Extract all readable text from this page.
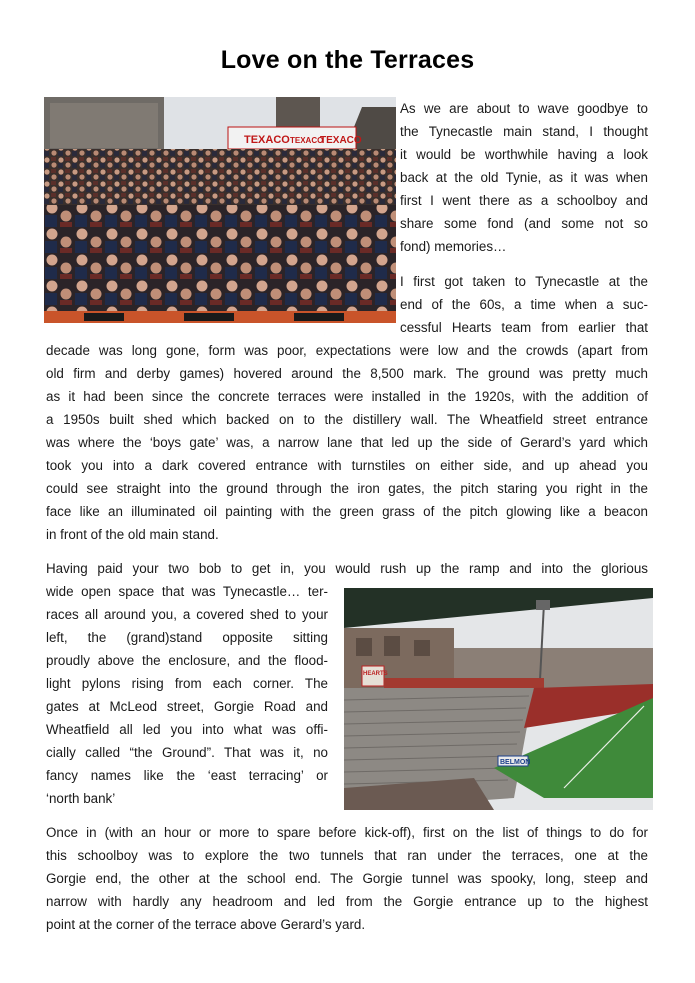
Love on the Terraces
TEXACO TEXACO
TEXACO
HEARTS
BELMON
As we are about to wave goodbye to
the Tynecastle main stand, I thought
it would be worthwhile having a look
back at the old Tynie, as it was when
first I went there as a schoolboy and
share some fond (and some not so
fond) memories…
I first got taken to Tynecastle at the
end of the 60s, a time when a suc-
cessful Hearts team from earlier that
decade was long gone, form was poor, expectations were low and the crowds (apart from
old firm and derby games) hovered around the 8,500 mark. The ground was pretty much
as it had been since the concrete terraces were installed in the 1920s, with the addition of
a 1950s built shed which backed on to the distillery wall. The Wheatfield street entrance
was where the ‘boys gate’ was, a narrow lane that led up the side of Gerard’s yard which
took you into a dark covered entrance with turnstiles on either side, and up ahead you
could see straight into the ground through the iron gates, the pitch staring you right in the
face like an illuminated oil painting with the green grass of the pitch glowing like a beacon
in front of the old main stand.
Having paid your two bob to get in, you would rush up the ramp and into the glorious
wide open space that was Tynecastle… ter-
races all around you, a covered shed to your
left, the (grand)stand opposite sitting
proudly above the enclosure, and the flood-
light pylons rising from each corner. The
gates at McLeod street, Gorgie Road and
Wheatfield all led you into what was offi-
cially called “the Ground”. That was it, no
fancy names like the ‘east terracing’ or
‘north bank’
Once in (with an hour or more to spare before kick-off), first on the list of things to do for
this schoolboy was to explore the two tunnels that ran under the terraces, one at the
Gorgie end, the other at the school end. The Gorgie tunnel was spooky, long, steep and
narrow with hardly any headroom and led from the Gorgie entrance up to the highest
point at the corner of the terrace above Gerard’s yard.
